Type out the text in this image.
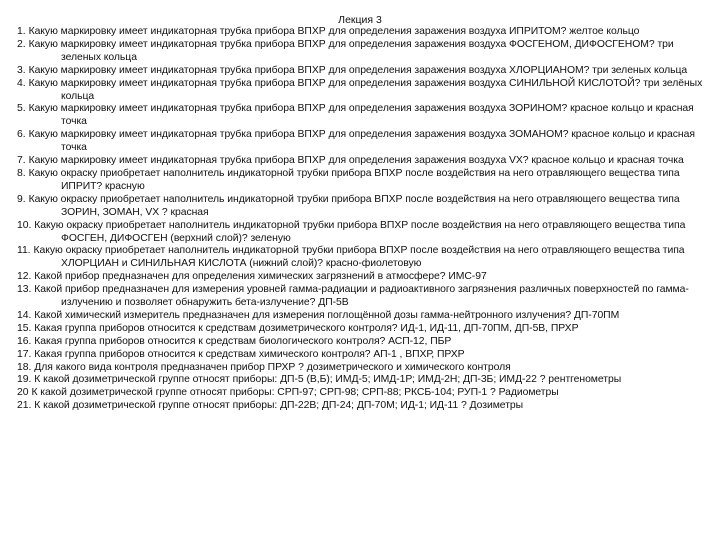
Лекция 3
1. Какую маркировку имеет индикаторная трубка прибора ВПХР для определения заражения воздуха ИПРИТОМ? желтое кольцо
2. Какую маркировку имеет индикаторная трубка прибора ВПХР для определения заражения воздуха ФОСГЕНОМ, ДИФОСГЕНОМ? три зеленых кольца
3. Какую маркировку имеет индикаторная трубка прибора ВПХР для определения заражения воздуха ХЛОРЦИАНОМ? три зеленых кольца
4. Какую маркировку имеет индикаторная трубка прибора ВПХР для определения заражения воздуха СИНИЛЬНОЙ КИСЛОТОЙ? три зелёных кольца
5. Какую маркировку имеет индикаторная трубка прибора ВПХР для определения заражения воздуха ЗОРИНОМ? красное кольцо и красная точка
6. Какую маркировку имеет индикаторная трубка прибора ВПХР для определения заражения воздуха ЗОМАНОМ? красное кольцо и красная точка
7. Какую маркировку имеет индикаторная трубка прибора ВПХР для определения заражения воздуха VX? красное кольцо и красная точка
8. Какую окраску приобретает наполнитель индикаторной трубки прибора ВПХР после воздействия на него отравляющего вещества типа ИПРИТ? красную
9. Какую окраску приобретает наполнитель индикаторной трубки прибора ВПХР после воздействия на него отравляющего вещества типа ЗОРИН, ЗОМАН, VX ? красная
10. Какую окраску приобретает наполнитель индикаторной трубки прибора ВПХР после воздействия на него отравляющего вещества типа ФОСГЕН, ДИФОСГЕН (верхний слой)? зеленую
11. Какую окраску приобретает наполнитель индикаторной трубки прибора ВПХР после воздействия на него отравляющего вещества типа ХЛОРЦИАН и СИНИЛЬНАЯ КИСЛОТА (нижний слой)? красно-фиолетовую
12. Какой прибор предназначен для определения химических загрязнений в атмосфере? ИМС-97
13. Какой прибор предназначен для измерения уровней гамма-радиации и радиоактивного загрязнения различных поверхностей по гамма-излучению и позволяет обнаружить бета-излучение? ДП-5В
14. Какой химический измеритель предназначен для измерения поглощённой дозы гамма-нейтронного излучения? ДП-70ПМ
15. Какая группа приборов относится к средствам дозиметрического контроля? ИД-1, ИД-11, ДП-70ПМ, ДП-5В, ПРХР
16. Какая группа приборов относится к средствам биологического контроля? АСП-12, ПБР
17. Какая группа приборов относится к средствам химического контроля? АП-1 , ВПХР, ПРХР
18. Для какого вида контроля предназначен прибор ПРХР ? дозиметрического и химического контроля
19. К какой дозиметрической группе относят приборы: ДП-5 (В,Б); ИМД-5; ИМД-1Р; ИМД-2Н; ДП-3Б; ИМД-22 ? рентгенометры
20 К какой дозиметрической группе относят приборы: СРП-97; СРП-98; СРП-88; РКСБ-104; РУП-1 ? Радиометры
21. К какой дозиметрической группе относят приборы: ДП-22В; ДП-24; ДП-70М; ИД-1; ИД-11 ? Дозиметры
